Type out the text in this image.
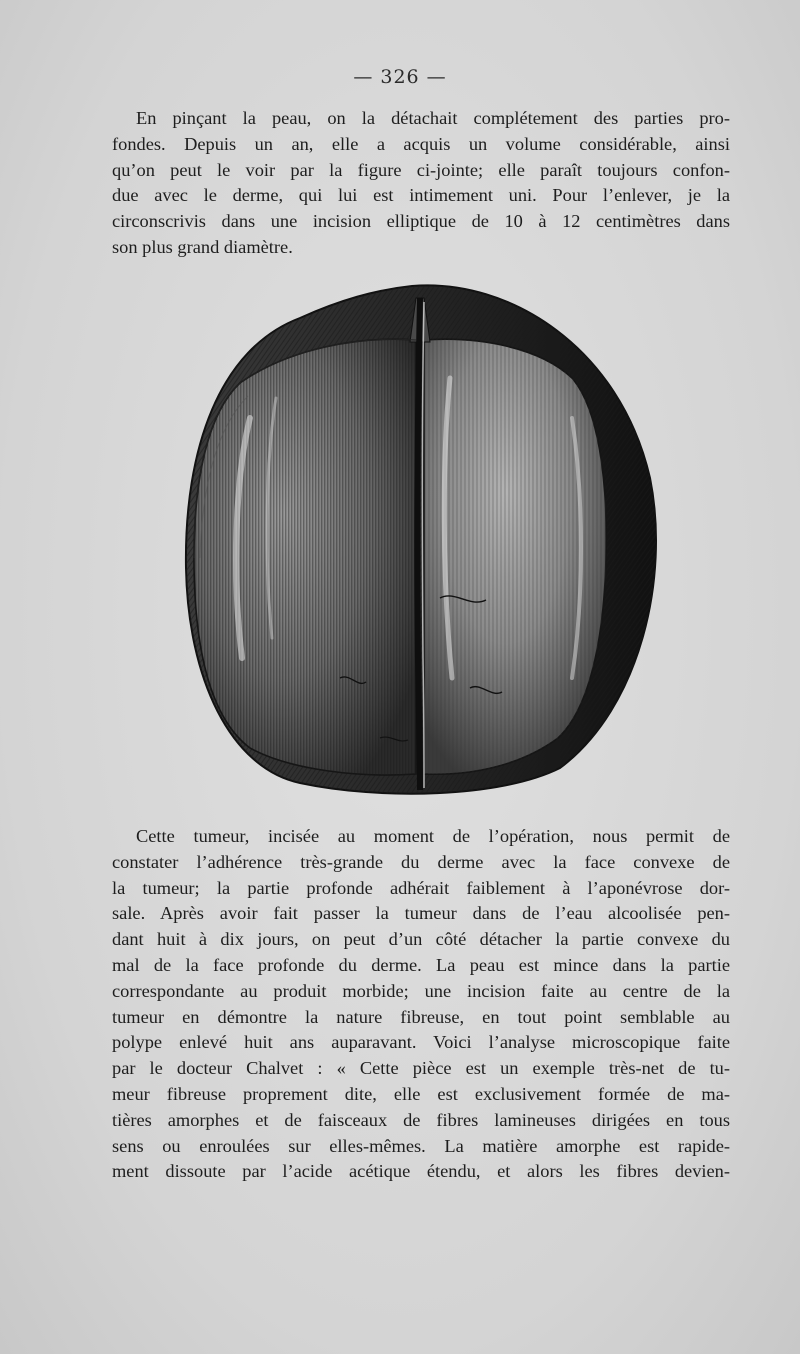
— 326 —
En pinçant la peau, on la détachait complétement des parties pro-
fondes. Depuis un an, elle a acquis un volume considérable, ainsi
qu’on peut le voir par la figure ci-jointe; elle paraît toujours confon-
due avec le derme, qui lui est intimement uni. Pour l’enlever, je la
circonscrivis dans une incision elliptique de 10 à 12 centimètres dans
son plus grand diamètre.
Cette tumeur, incisée au moment de l’opération, nous permit de
constater l’adhérence très-grande du derme avec la face convexe de
la tumeur; la partie profonde adhérait faiblement à l’aponévrose dor-
sale. Après avoir fait passer la tumeur dans de l’eau alcoolisée pen-
dant huit à dix jours, on peut d’un côté détacher la partie convexe du
mal de la face profonde du derme. La peau est mince dans la partie
correspondante au produit morbide; une incision faite au centre de la
tumeur en démontre la nature fibreuse, en tout point semblable au
polype enlevé huit ans auparavant. Voici l’analyse microscopique faite
par le docteur Chalvet : « Cette pièce est un exemple très-net de tu-
meur fibreuse proprement dite, elle est exclusivement formée de ma-
tières amorphes et de faisceaux de fibres lamineuses dirigées en tous
sens ou enroulées sur elles-mêmes. La matière amorphe est rapide-
ment dissoute par l’acide acétique étendu, et alors les fibres devien-
